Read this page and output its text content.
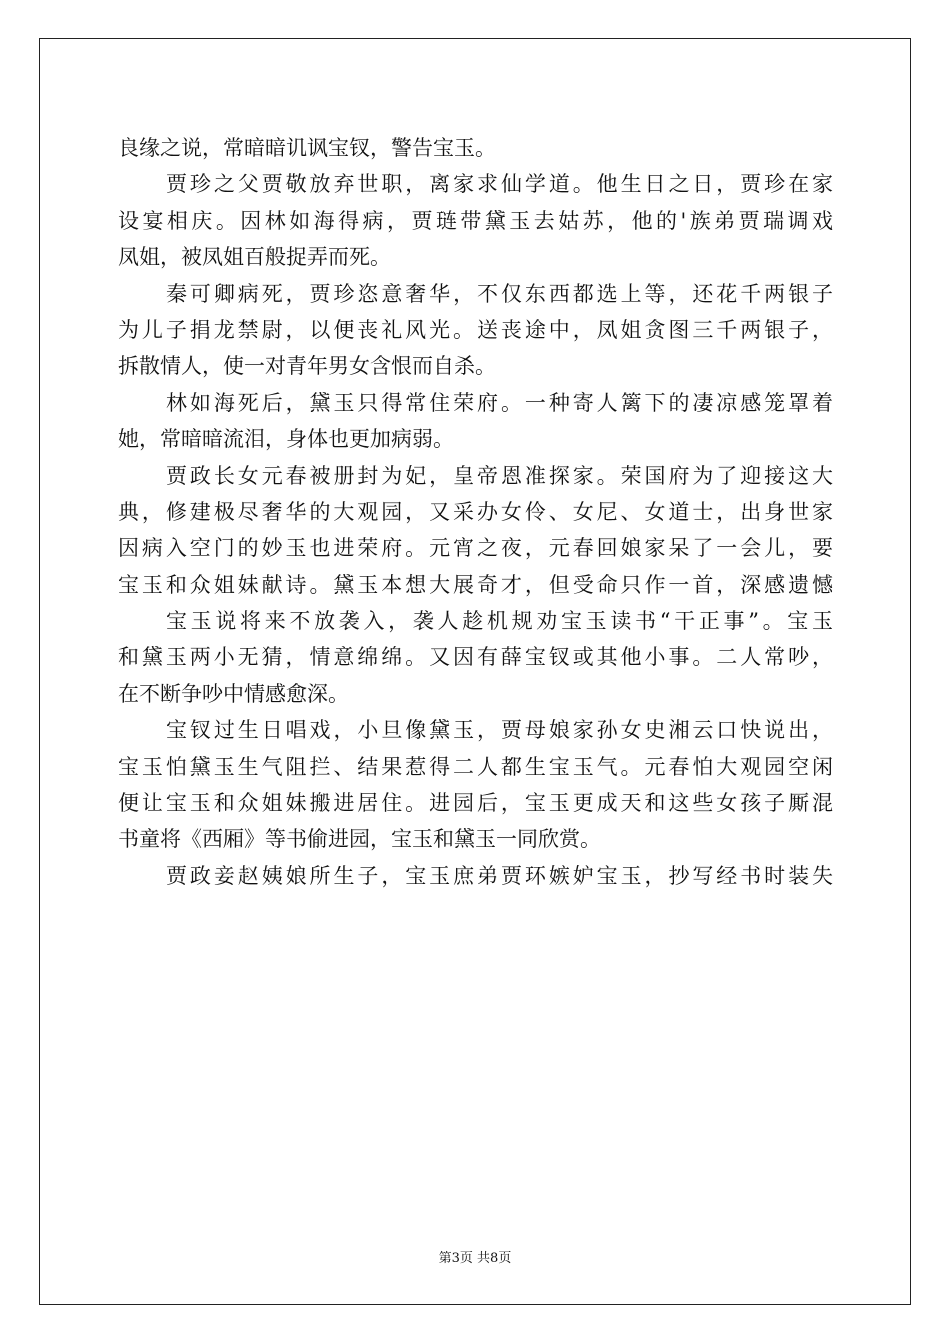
良缘之说，常暗暗讥讽宝钗，警告宝玉。
贾珍之父贾敬放弃世职，离家求仙学道。他生日之日，贾珍在家
设宴相庆。因林如海得病，贾琏带黛玉去姑苏，他的'族弟贾瑞调戏
凤姐，被凤姐百般捉弄而死。
秦可卿病死，贾珍恣意奢华，不仅东西都选上等，还花千两银子
为儿子捐龙禁尉，以便丧礼风光。送丧途中，凤姐贪图三千两银子，
拆散情人，使一对青年男女含恨而自杀。
林如海死后，黛玉只得常住荣府。一种寄人篱下的凄凉感笼罩着
她，常暗暗流泪，身体也更加病弱。
贾政长女元春被册封为妃，皇帝恩准探家。荣国府为了迎接这大
典，修建极尽奢华的大观园，又采办女伶、女尼、女道士，出身世家
因病入空门的妙玉也进荣府。元宵之夜，元春回娘家呆了一会儿，要
宝玉和众姐妹献诗。黛玉本想大展奇才，但受命只作一首，深感遗憾
宝玉说将来不放袭入，袭人趁机规劝宝玉读书“干正事”。宝玉
和黛玉两小无猜，情意绵绵。又因有薛宝钗或其他小事。二人常吵，
在不断争吵中情感愈深。
宝钗过生日唱戏，小旦像黛玉，贾母娘家孙女史湘云口快说出，
宝玉怕黛玉生气阻拦、结果惹得二人都生宝玉气。元春怕大观园空闲
便让宝玉和众姐妹搬进居住。进园后，宝玉更成天和这些女孩子厮混
书童将《西厢》等书偷进园，宝玉和黛玉一同欣赏。
贾政妾赵姨娘所生子，宝玉庶弟贾环嫉妒宝玉，抄写经书时装失
第3页 共8页
